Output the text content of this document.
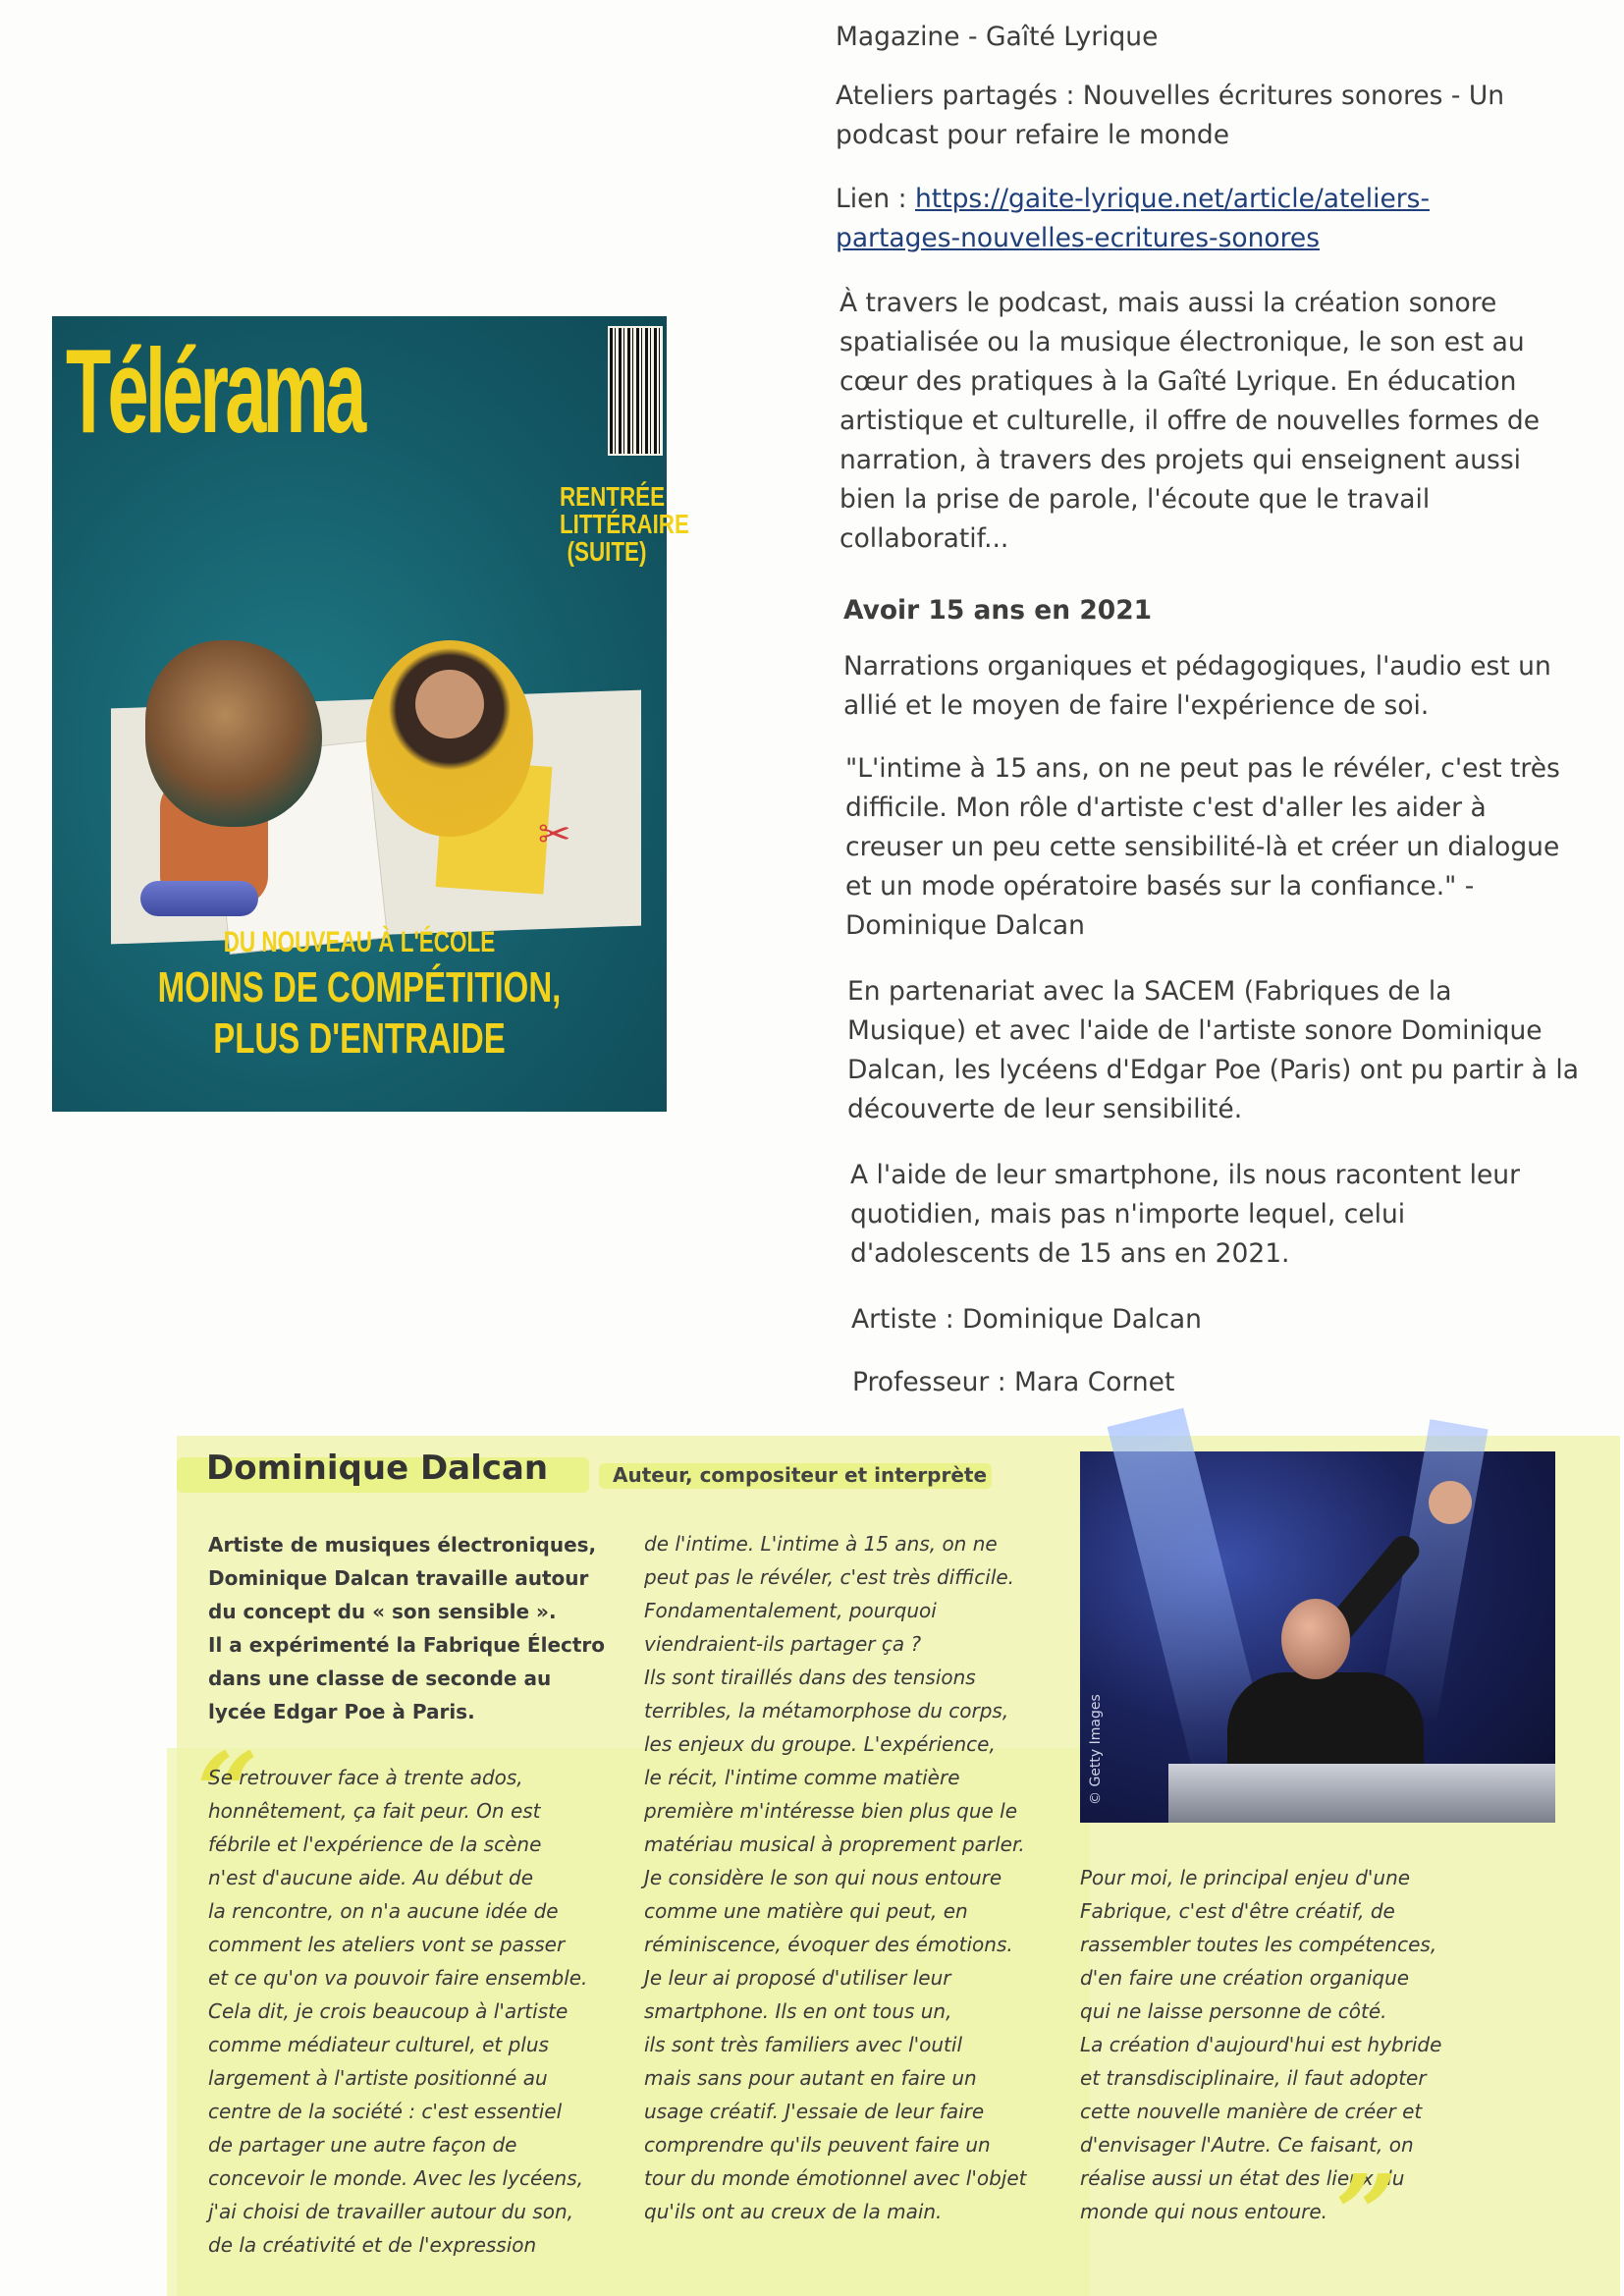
Magazine - Gaîté Lyrique

Ateliers partagés : Nouvelles écritures sonores - Un
podcast pour refaire le monde

Lien : https://gaite-lyrique.net/article/ateliers-
partages-nouvelles-ecritures-sonores

À travers le podcast, mais aussi la création sonore
spatialisée ou la musique électronique, le son est au
cœur des pratiques à la Gaîté Lyrique. En éducation
artistique et culturelle, il offre de nouvelles formes de
narration, à travers des projets qui enseignent aussi
bien la prise de parole, l'écoute que le travail
collaboratif...

Avoir 15 ans en 2021

Narrations organiques et pédagogiques, l'audio est un
allié et le moyen de faire l'expérience de soi.

"L'intime à 15 ans, on ne peut pas le révéler, c'est très
difficile. Mon rôle d'artiste c'est d'aller les aider à
creuser un peu cette sensibilité-là et créer un dialogue
et un mode opératoire basés sur la confiance." -
Dominique Dalcan

En partenariat avec la SACEM (Fabriques de la
Musique) et avec l'aide de l'artiste sonore Dominique
Dalcan, les lycéens d'Edgar Poe (Paris) ont pu partir à la
découverte de leur sensibilité.

A l'aide de leur smartphone, ils nous racontent leur
quotidien, mais pas n'importe lequel, celui
d'adolescents de 15 ans en 2021.

Artiste : Dominique Dalcan

Professeur : Mara Cornet

Télérama
RENTRÉE
LITTÉRAIRE
(SUITE)
✂
DU NOUVEAU À L'ÉCOLE
MOINS DE COMPÉTITION,
PLUS D'ENTRAIDE
Dominique Dalcan	Auteur, compositeur et interprète
Artiste de musiques électroniques,
Dominique Dalcan travaille autour
du concept du « son sensible ».
Il a expérimenté la Fabrique Électro
dans une classe de seconde au
lycée Edgar Poe à Paris.
“
Se retrouver face à trente ados,
honnêtement, ça fait peur. On est
fébrile et l'expérience de la scène
n'est d'aucune aide. Au début de
la rencontre, on n'a aucune idée de
comment les ateliers vont se passer
et ce qu'on va pouvoir faire ensemble.
Cela dit, je crois beaucoup à l'artiste
comme médiateur culturel, et plus
largement à l'artiste positionné au
centre de la société : c'est essentiel
de partager une autre façon de
concevoir le monde. Avec les lycéens,
j'ai choisi de travailler autour du son,
de la créativité et de l'expression
de l'intime. L'intime à 15 ans, on ne
peut pas le révéler, c'est très difficile.
Fondamentalement, pourquoi
viendraient-ils partager ça ?
Ils sont tiraillés dans des tensions
terribles, la métamorphose du corps,
les enjeux du groupe. L'expérience,
le récit, l'intime comme matière
première m'intéresse bien plus que le
matériau musical à proprement parler.
Je considère le son qui nous entoure
comme une matière qui peut, en
réminiscence, évoquer des émotions.
Je leur ai proposé d'utiliser leur
smartphone. Ils en ont tous un,
ils sont très familiers avec l'outil
mais sans pour autant en faire un
usage créatif. J'essaie de leur faire
comprendre qu'ils peuvent faire un
tour du monde émotionnel avec l'objet
qu'ils ont au creux de la main.
Pour moi, le principal enjeu d'une
Fabrique, c'est d'être créatif, de
rassembler toutes les compétences,
d'en faire une création organique
qui ne laisse personne de côté.
La création d'aujourd'hui est hybride
et transdisciplinaire, il faut adopter
cette nouvelle manière de créer et
d'envisager l'Autre. Ce faisant, on
réalise aussi un état des lieux du
monde qui nous entoure. ”
© Getty Images
